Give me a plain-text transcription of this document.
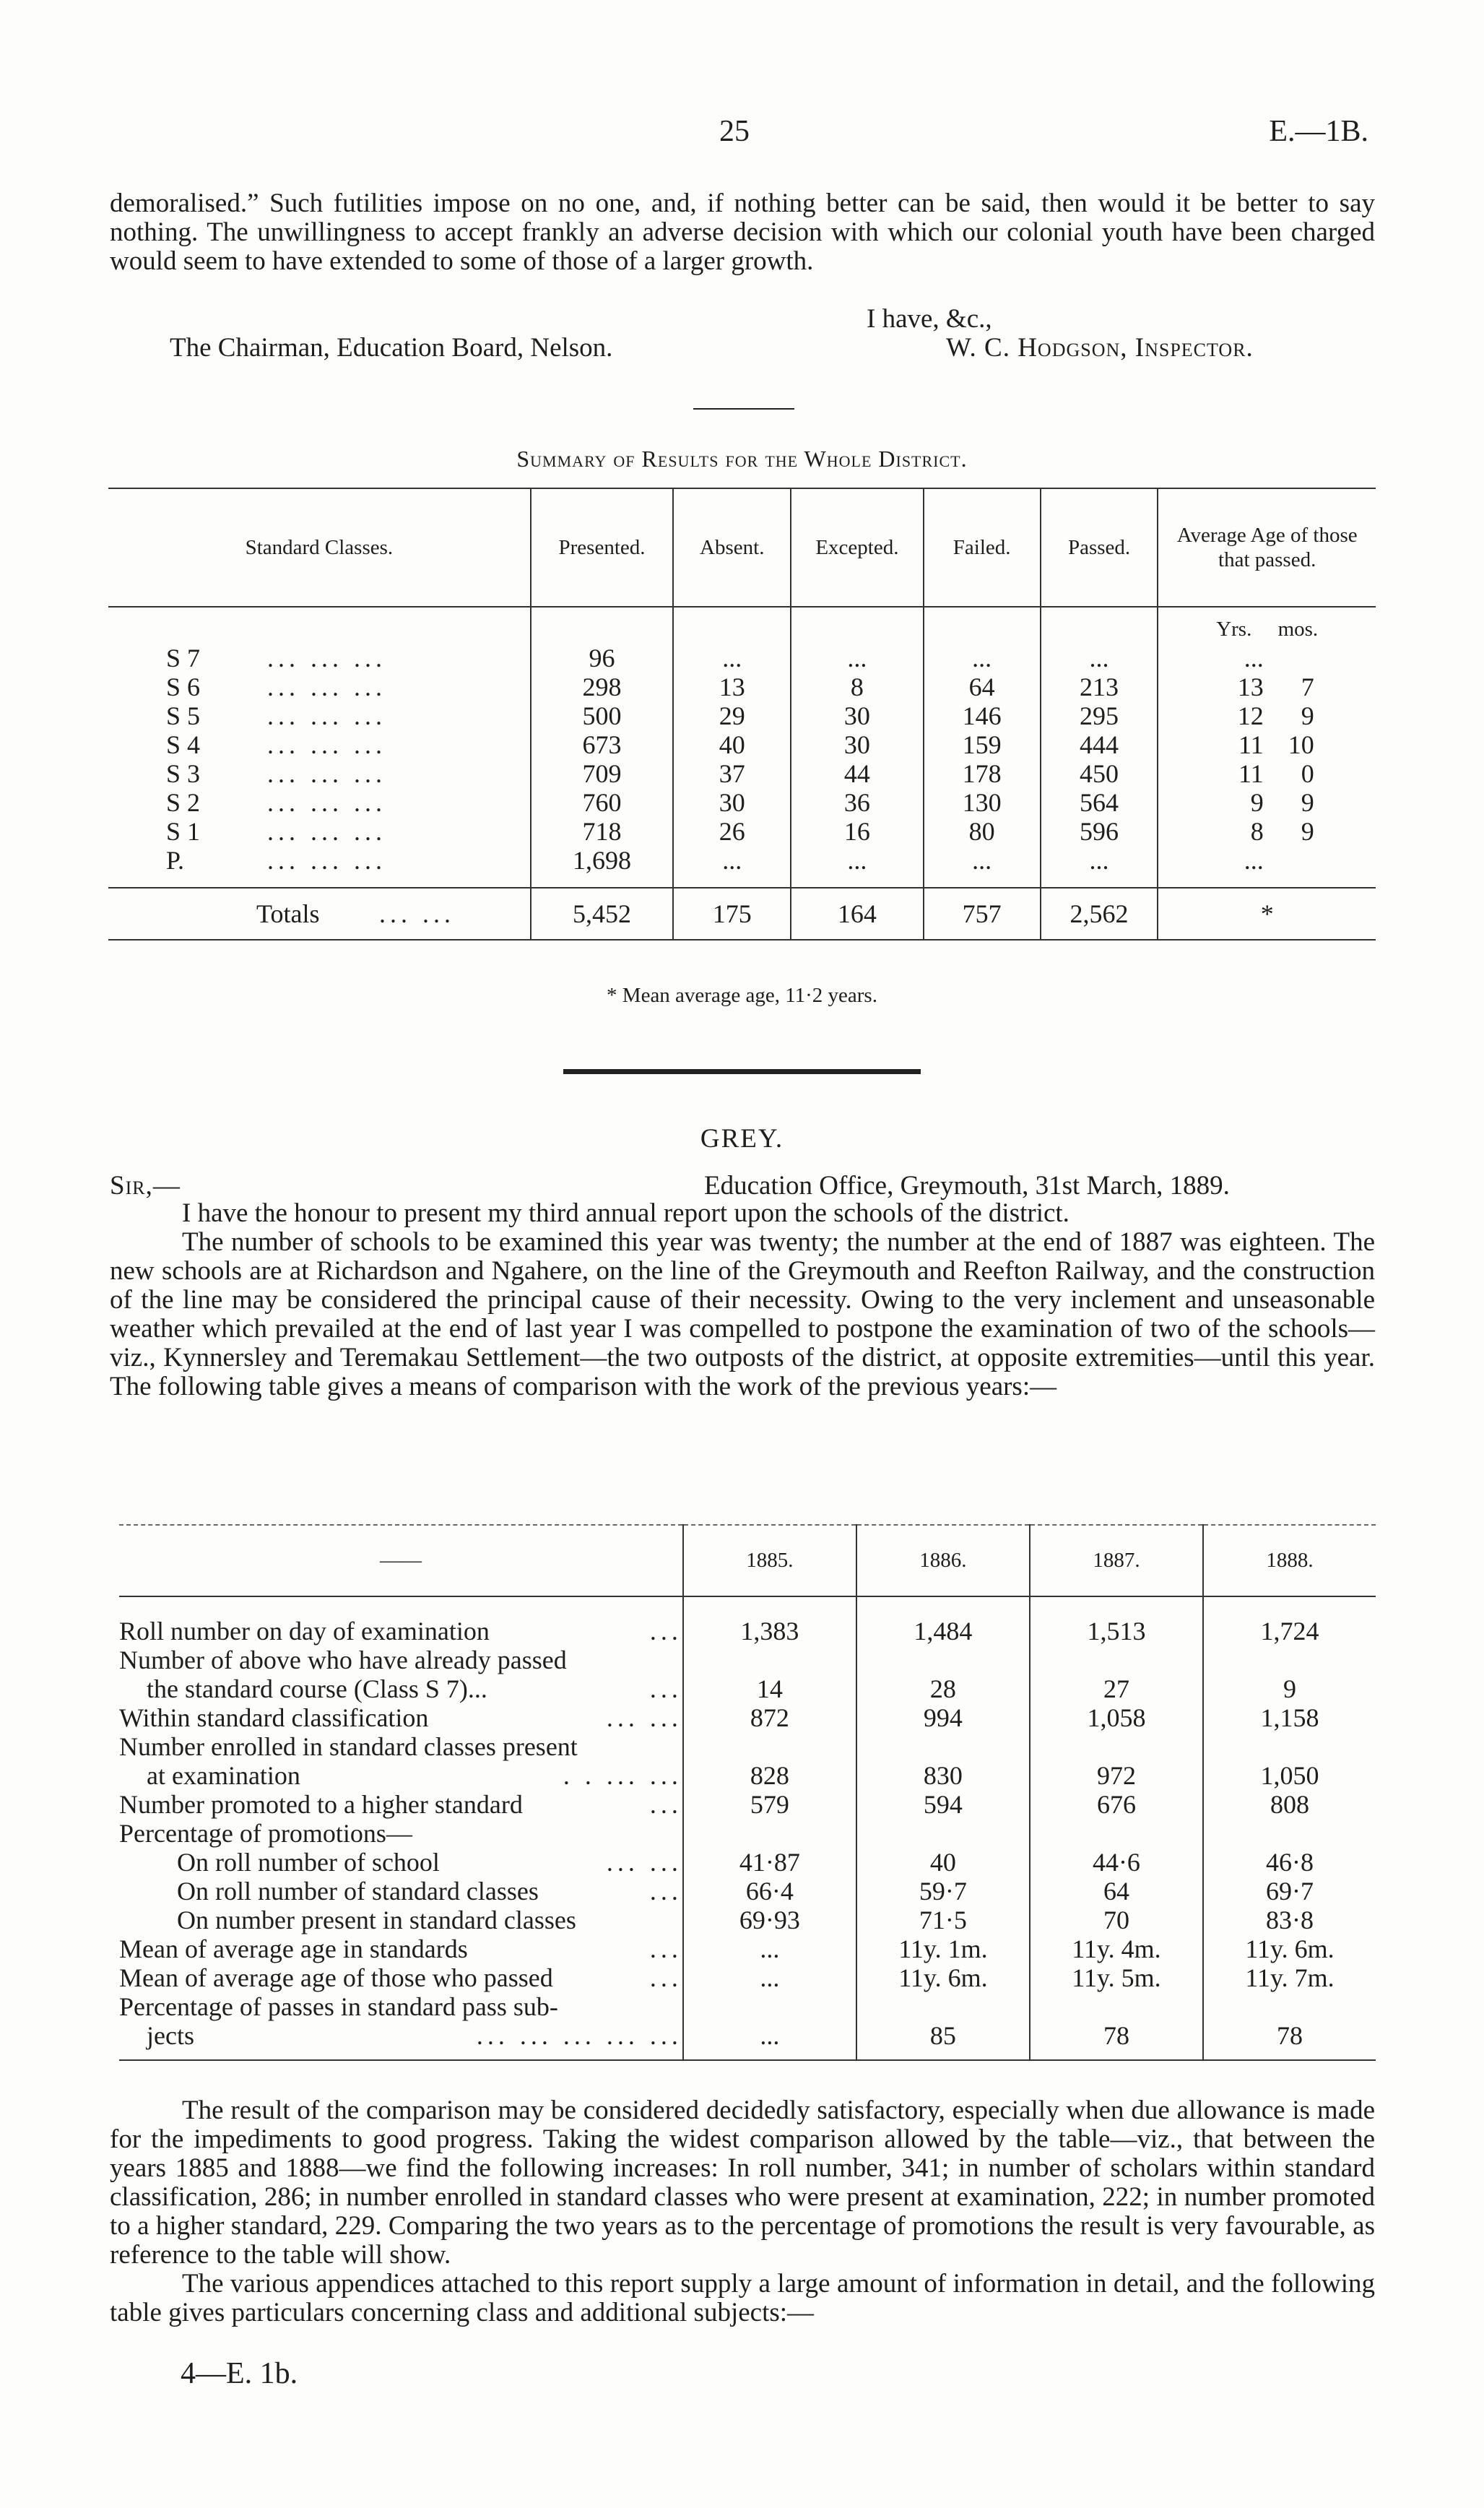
25	E.—1B.

demoralised.” Such futilities impose on no one, and, if nothing better can be said, then would it be better to say nothing. The unwillingness to accept frankly an adverse decision with which our colonial youth have been charged would seem to have extended to some of those of a larger growth.

I have, &c.,
The Chairman, Education Board, Nelson.	W. C. Hodgson, Inspector.
Summary of Results for the Whole District.
Standard Classes.	Presented.	Absent.	Excepted.	Failed.	Passed.	Average Age of those that passed.
						Yrs. mos.
S 7 ... ... ...	96	...	...	...	...	...
S 6 ... ... ...	298	13	8	64	213	13 7
S 5 ... ... ...	500	29	30	146	295	12 9
S 4 ... ... ...	673	40	30	159	444	11 10
S 3 ... ... ...	709	37	44	178	450	11 0
S 2 ... ... ...	760	30	36	130	564	9 9
S 1 ... ... ...	718	26	16	80	596	8 9
P. ... ... ...	1,698	...	...	...	...	...

Totals ... ...	5,452	175	164	757	2,562	*
* Mean average age, 11·2 years.
GREY.
Sir,—	Education Office, Greymouth, 31st March, 1889.

I have the honour to present my third annual report upon the schools of the district.

The number of schools to be examined this year was twenty; the number at the end of 1887 was eighteen. The new schools are at Richardson and Ngahere, on the line of the Greymouth and Reefton Railway, and the construction of the line may be considered the principal cause of their necessity. Owing to the very inclement and unseasonable weather which prevailed at the end of last year I was compelled to postpone the examination of two of the schools—viz., Kynnersley and Teremakau Settlement—the two outposts of the district, at opposite extremities—until this year. The following table gives a means of comparison with the work of the previous years:—

——	1885.	1886.	1887.	1888.

Roll number on day of examination ...	1,383	1,484	1,513	1,724
Number of above who have already passed				
the standard course (Class S 7)... ...	14	28	27	9
Within standard classification ... ...	872	994	1,058	1,158
Number enrolled in standard classes present				
at examination . . ... ...	828	830	972	1,050
Number promoted to a higher standard ...	579	594	676	808
Percentage of promotions—				
On roll number of school ... ...	41·87	40	44·6	46·8
On roll number of standard classes ...	66·4	59·7	64	69·7
On number present in standard classes	69·93	71·5	70	83·8
Mean of average age in standards ...	...	11y. 1m.	11y. 4m.	11y. 6m.
Mean of average age of those who passed ...	...	11y. 6m.	11y. 5m.	11y. 7m.
Percentage of passes in standard pass sub-				
jects ... ... ... ... ...	...	85	78	78

The result of the comparison may be considered decidedly satisfactory, especially when due allowance is made for the impediments to good progress. Taking the widest comparison allowed by the table—viz., that between the years 1885 and 1888—we find the following increases: In roll number, 341; in number of scholars within standard classification, 286; in number enrolled in standard classes who were present at examination, 222; in number promoted to a higher standard, 229. Comparing the two years as to the percentage of promotions the result is very favourable, as reference to the table will show.

The various appendices attached to this report supply a large amount of information in detail, and the following table gives particulars concerning class and additional subjects:—

4—E. 1b.
